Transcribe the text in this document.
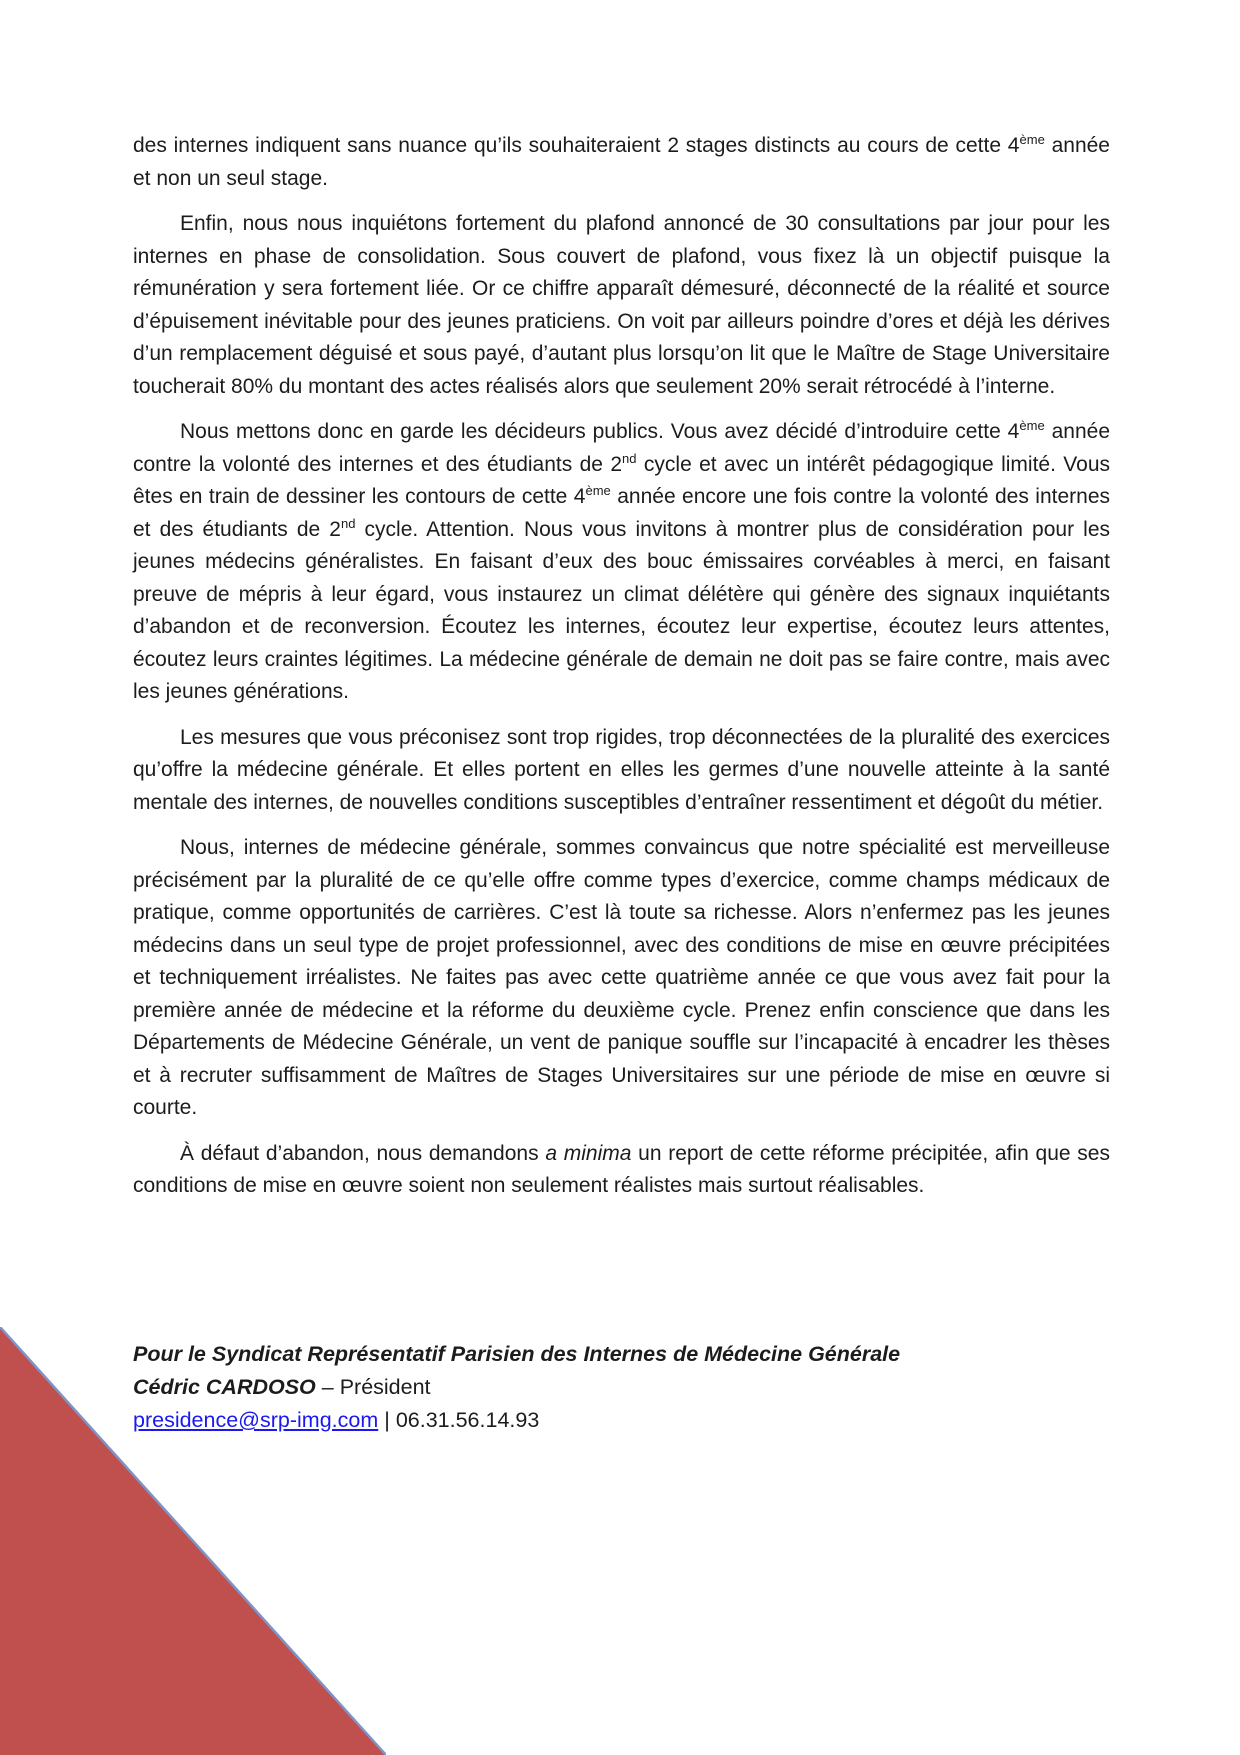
des internes indiquent sans nuance qu’ils souhaiteraient 2 stages distincts au cours de cette 4ème année et non un seul stage.

Enfin, nous nous inquiétons fortement du plafond annoncé de 30 consultations par jour pour les internes en phase de consolidation. Sous couvert de plafond, vous fixez là un objectif puisque la rémunération y sera fortement liée. Or ce chiffre apparaît démesuré, déconnecté de la réalité et source d’épuisement inévitable pour des jeunes praticiens. On voit par ailleurs poindre d’ores et déjà les dérives d’un remplacement déguisé et sous payé, d’autant plus lorsqu’on lit que le Maître de Stage Universitaire toucherait 80% du montant des actes réalisés alors que seulement 20% serait rétrocédé à l’interne.

Nous mettons donc en garde les décideurs publics. Vous avez décidé d’introduire cette 4ème année contre la volonté des internes et des étudiants de 2nd cycle et avec un intérêt pédagogique limité. Vous êtes en train de dessiner les contours de cette 4ème année encore une fois contre la volonté des internes et des étudiants de 2nd cycle. Attention. Nous vous invitons à montrer plus de considération pour les jeunes médecins généralistes. En faisant d’eux des bouc émissaires corvéables à merci, en faisant preuve de mépris à leur égard, vous instaurez un climat délétère qui génère des signaux inquiétants d’abandon et de reconversion. Écoutez les internes, écoutez leur expertise, écoutez leurs attentes, écoutez leurs craintes légitimes. La médecine générale de demain ne doit pas se faire contre, mais avec les jeunes générations.

Les mesures que vous préconisez sont trop rigides, trop déconnectées de la pluralité des exercices qu’offre la médecine générale. Et elles portent en elles les germes d’une nouvelle atteinte à la santé mentale des internes, de nouvelles conditions susceptibles d’entraîner ressentiment et dégoût du métier.

Nous, internes de médecine générale, sommes convaincus que notre spécialité est merveilleuse précisément par la pluralité de ce qu’elle offre comme types d’exercice, comme champs médicaux de pratique, comme opportunités de carrières. C’est là toute sa richesse. Alors n’enfermez pas les jeunes médecins dans un seul type de projet professionnel, avec des conditions de mise en œuvre précipitées et techniquement irréalistes. Ne faites pas avec cette quatrième année ce que vous avez fait pour la première année de médecine et la réforme du deuxième cycle. Prenez enfin conscience que dans les Départements de Médecine Générale, un vent de panique souffle sur l’incapacité à encadrer les thèses et à recruter suffisamment de Maîtres de Stages Universitaires sur une période de mise en œuvre si courte.

À défaut d’abandon, nous demandons a minima un report de cette réforme précipitée, afin que ses conditions de mise en œuvre soient non seulement réalistes mais surtout réalisables.

Pour le Syndicat Représentatif Parisien des Internes de Médecine Générale

Cédric CARDOSO – Président

presidence@srp-img.com | 06.31.56.14.93
